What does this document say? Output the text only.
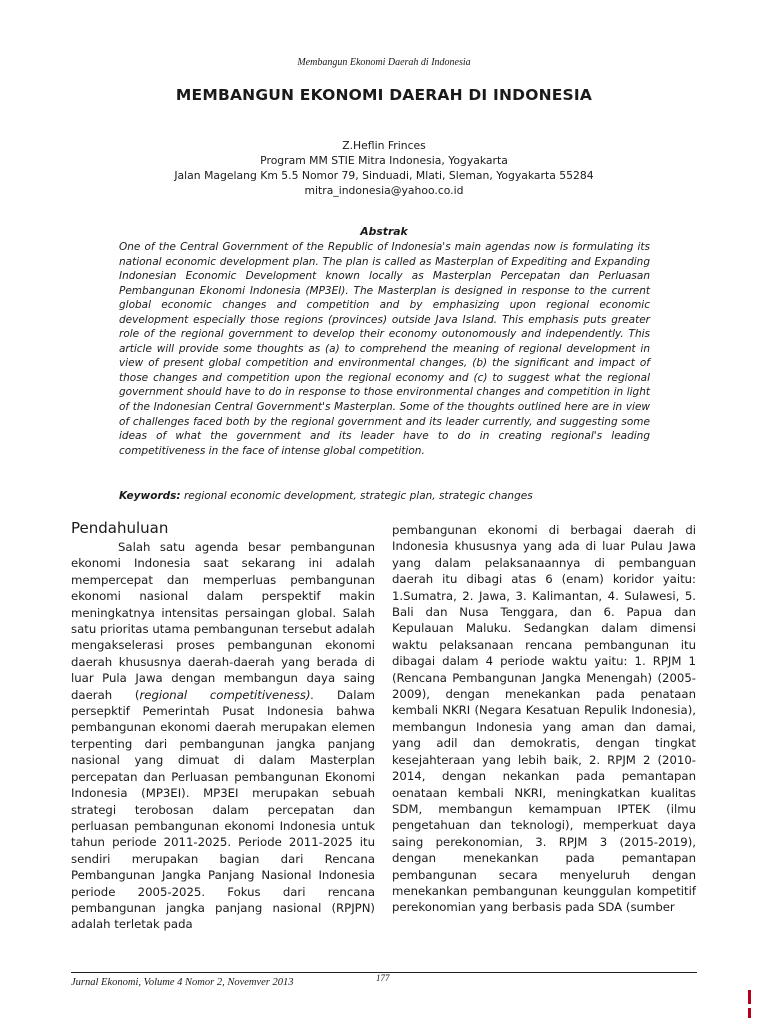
Membangun Ekonomi Daerah di Indonesia
MEMBANGUN EKONOMI DAERAH DI INDONESIA
Z.Heflin Frinces
Program MM STIE Mitra Indonesia, Yogyakarta
Jalan Magelang Km 5.5 Nomor 79, Sinduadi, Mlati, Sleman, Yogyakarta 55284
mitra_indonesia@yahoo.co.id
Abstrak
One of the Central Government of the Republic of Indonesia's main agendas now is formulating its national economic development plan. The plan is called as Masterplan of Expediting and Expanding Indonesian Economic Development known locally as Masterplan Percepatan dan Perluasan Pembangunan Ekonomi Indonesia (MP3EI). The Masterplan is designed in response to the current global economic changes and competition and by emphasizing upon regional economic development especially those regions (provinces) outside Java Island. This emphasis puts greater role of the regional government to develop their economy outonomously and independently. This article will provide some thoughts as (a) to comprehend the meaning of regional development in view of present global competition and environmental changes, (b) the significant and impact of those changes and competition upon the regional economy and (c) to suggest what the regional government should have to do in response to those environmental changes and competition in light of the Indonesian Central Government's Masterplan. Some of the thoughts outlined here are in view of challenges faced both by the regional government and its leader currently, and suggesting some ideas of what the government and its leader have to do in creating regional's leading competitiveness in the face of intense global competition.
Keywords: regional economic development, strategic plan, strategic changes
Pendahuluan

Salah satu agenda besar pembangunan ekonomi Indonesia saat sekarang ini adalah mempercepat dan memperluas pembangunan ekonomi nasional dalam perspektif makin meningkatnya intensitas persaingan global. Salah satu prioritas utama pembangunan tersebut adalah mengakselerasi proses pembangunan ekonomi daerah khususnya daerah-daerah yang berada di luar Pula Jawa dengan membangun daya saing daerah (regional competitiveness). Dalam persepktif Pemerintah Pusat Indonesia bahwa pembangunan ekonomi daerah merupakan elemen terpenting dari pembangunan jangka panjang nasional yang dimuat di dalam Masterplan percepatan dan Perluasan pembangunan Ekonomi Indonesia (MP3EI). MP3EI merupakan sebuah strategi terobosan dalam percepatan dan perluasan pembangunan ekonomi Indonesia untuk tahun periode 2011-2025. Periode 2011-2025 itu sendiri merupakan bagian dari Rencana Pembangunan Jangka Panjang Nasional Indonesia periode 2005-2025. Fokus dari rencana pembangunan jangka panjang nasional (RPJPN) adalah terletak pada

pembangunan ekonomi di berbagai daerah di Indonesia khususnya yang ada di luar Pulau Jawa yang dalam pelaksanaannya di pembanguan daerah itu dibagi atas 6 (enam) koridor yaitu: 1.Sumatra, 2. Jawa, 3. Kalimantan, 4. Sulawesi, 5. Bali dan Nusa Tenggara, dan 6. Papua dan Kepulauan Maluku. Sedangkan dalam dimensi waktu pelaksanaan rencana pembangunan itu dibagai dalam 4 periode waktu yaitu: 1. RPJM 1 (Rencana Pembangunan Jangka Menengah) (2005-2009), dengan menekankan pada penataan kembali NKRI (Negara Kesatuan Repulik Indonesia), membangun Indonesia yang aman dan damai, yang adil dan demokratis, dengan tingkat kesejahteraan yang lebih baik, 2. RPJM 2 (2010-2014, dengan nekankan pada pemantapan oenataan kembali NKRI, meningkatkan kualitas SDM, membangun kemampuan IPTEK (ilmu pengetahuan dan teknologi), memperkuat daya saing perekonomian, 3. RPJM 3 (2015-2019), dengan menekankan pada pemantapan pembangunan secara menyeluruh dengan menekankan pembangunan keunggulan kompetitif perekonomian yang berbasis pada SDA (sumber

Jurnal Ekonomi, Volume 4 Nomor 2, Novemver 2013	177
